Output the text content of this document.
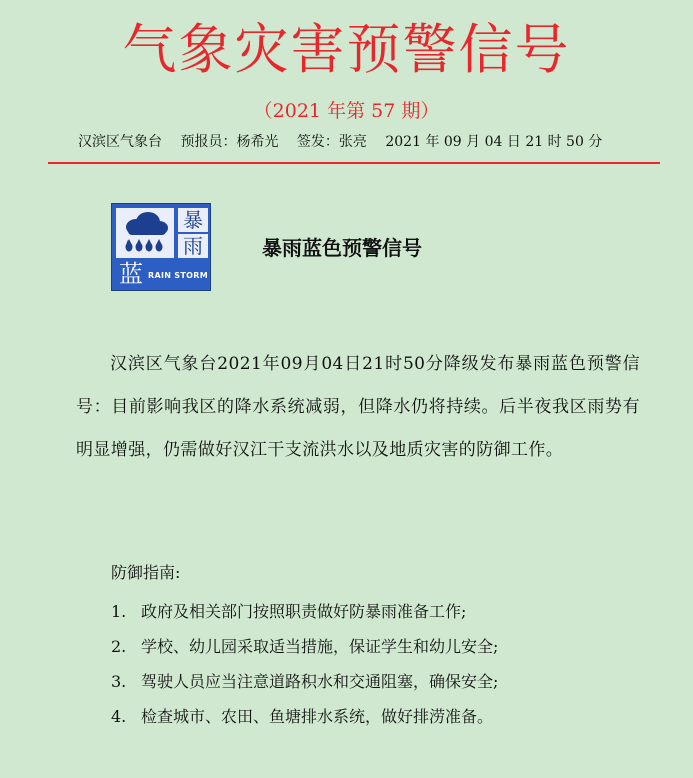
气象灾害预警信号
（2021 年第 57 期）
汉滨区气象台 预报员：杨希光 签发：张亮 2021 年 09 月 04 日 21 时 50 分
暴
雨
蓝 RAIN STORM
暴雨蓝色预警信号
汉滨区气象台2021年09月04日21时50分降级发布暴雨蓝色预警信号：目前影响我区的降水系统减弱，但降水仍将持续。后半夜我区雨势有明显增强，仍需做好汉江干支流洪水以及地质灾害的防御工作。
防御指南:
1. 政府及相关部门按照职责做好防暴雨准备工作;
2. 学校、幼儿园采取适当措施，保证学生和幼儿安全;
3. 驾驶人员应当注意道路积水和交通阻塞，确保安全;
4. 检查城市、农田、鱼塘排水系统，做好排涝准备。
